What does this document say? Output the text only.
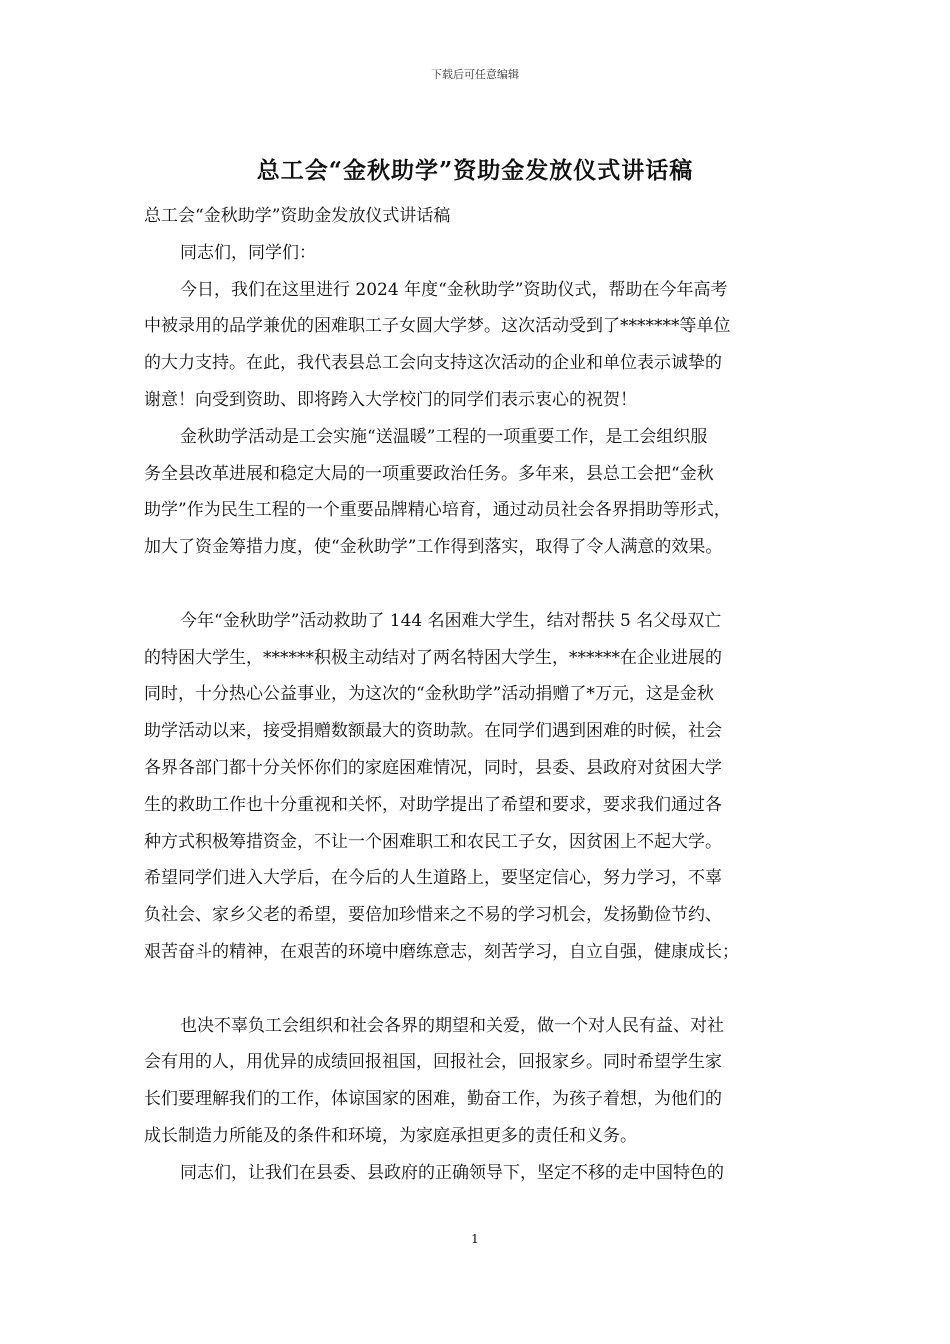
下载后可任意编辑
总工会“金秋助学”资助金发放仪式讲话稿
总工会“金秋助学”资助金发放仪式讲话稿
同志们，同学们：
今日，我们在这里进行 2024 年度“金秋助学”资助仪式，帮助在今年高考
中被录用的品学兼优的困难职工子女圆大学梦。这次活动受到了*******等单位
的大力支持。在此，我代表县总工会向支持这次活动的企业和单位表示诚挚的
谢意！向受到资助、即将跨入大学校门的同学们表示衷心的祝贺！
金秋助学活动是工会实施“送温暖”工程的一项重要工作，是工会组织服
务全县改革进展和稳定大局的一项重要政治任务。多年来，县总工会把“金秋
助学”作为民生工程的一个重要品牌精心培育，通过动员社会各界捐助等形式，
加大了资金筹措力度，使“金秋助学”工作得到落实，取得了令人满意的效果。
今年“金秋助学”活动救助了 144 名困难大学生，结对帮扶 5 名父母双亡
的特困大学生，******积极主动结对了两名特困大学生，******在企业进展的
同时，十分热心公益事业，为这次的“金秋助学”活动捐赠了*万元，这是金秋
助学活动以来，接受捐赠数额最大的资助款。在同学们遇到困难的时候，社会
各界各部门都十分关怀你们的家庭困难情况，同时，县委、县政府对贫困大学
生的救助工作也十分重视和关怀，对助学提出了希望和要求，要求我们通过各
种方式积极筹措资金，不让一个困难职工和农民工子女，因贫困上不起大学。
希望同学们进入大学后，在今后的人生道路上，要坚定信心，努力学习，不辜
负社会、家乡父老的希望，要倍加珍惜来之不易的学习机会，发扬勤俭节约、
艰苦奋斗的精神，在艰苦的环境中磨练意志，刻苦学习，自立自强，健康成长；
也决不辜负工会组织和社会各界的期望和关爱，做一个对人民有益、对社
会有用的人，用优异的成绩回报祖国，回报社会，回报家乡。同时希望学生家
长们要理解我们的工作，体谅国家的困难，勤奋工作，为孩子着想，为他们的
成长制造力所能及的条件和环境，为家庭承担更多的责任和义务。
同志们，让我们在县委、县政府的正确领导下，坚定不移的走中国特色的
1
